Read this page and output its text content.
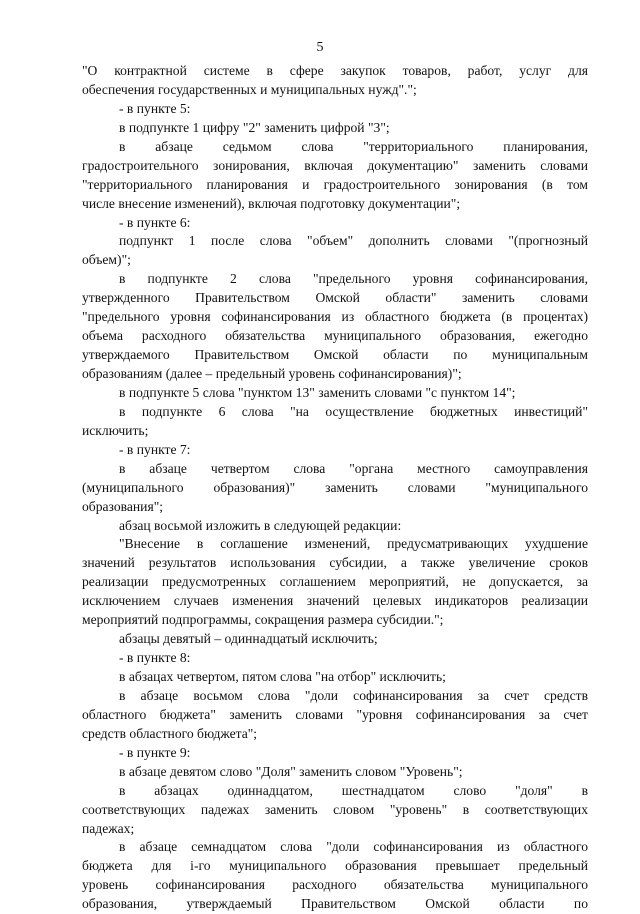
5
"О контрактной системе в сфере закупок товаров, работ, услуг для
обеспечения государственных и муниципальных нужд".";
- в пункте 5:
в подпункте 1 цифру "2" заменить цифрой "3";
в абзаце седьмом слова "территориального планирования,
градостроительного зонирования, включая документацию" заменить словами
"территориального планирования и градостроительного зонирования (в том
числе внесение изменений), включая подготовку документации";
- в пункте 6:
подпункт 1 после слова "объем" дополнить словами "(прогнозный
объем)";
в подпункте 2 слова "предельного уровня софинансирования,
утвержденного Правительством Омской области" заменить словами
"предельного уровня софинансирования из областного бюджета (в процентах)
объема расходного обязательства муниципального образования, ежегодно
утверждаемого Правительством Омской области по муниципальным
образованиям (далее – предельный уровень софинансирования)";
в подпункте 5 слова "пунктом 13" заменить словами "с пунктом 14";
в подпункте 6 слова "на осуществление бюджетных инвестиций"
исключить;
- в пункте 7:
в абзаце четвертом слова "органа местного самоуправления
(муниципального образования)" заменить словами "муниципального
образования";
абзац восьмой изложить в следующей редакции:
"Внесение в соглашение изменений, предусматривающих ухудшение
значений результатов использования субсидии, а также увеличение сроков
реализации предусмотренных соглашением мероприятий, не допускается, за
исключением случаев изменения значений целевых индикаторов реализации
мероприятий подпрограммы, сокращения размера субсидии.";
абзацы девятый – одиннадцатый исключить;
- в пункте 8:
в абзацах четвертом, пятом слова "на отбор" исключить;
в абзаце восьмом слова "доли софинансирования за счет средств
областного бюджета" заменить словами "уровня софинансирования за счет
средств областного бюджета";
- в пункте 9:
в абзаце девятом слово "Доля" заменить словом "Уровень";
в абзацах одиннадцатом, шестнадцатом слово "доля" в
соответствующих падежах заменить словом "уровень" в соответствующих
падежах;
в абзаце семнадцатом слова "доли софинансирования из областного
бюджета для i-го муниципального образования превышает предельный
уровень софинансирования расходного обязательства муниципального
образования, утверждаемый Правительством Омской области по
